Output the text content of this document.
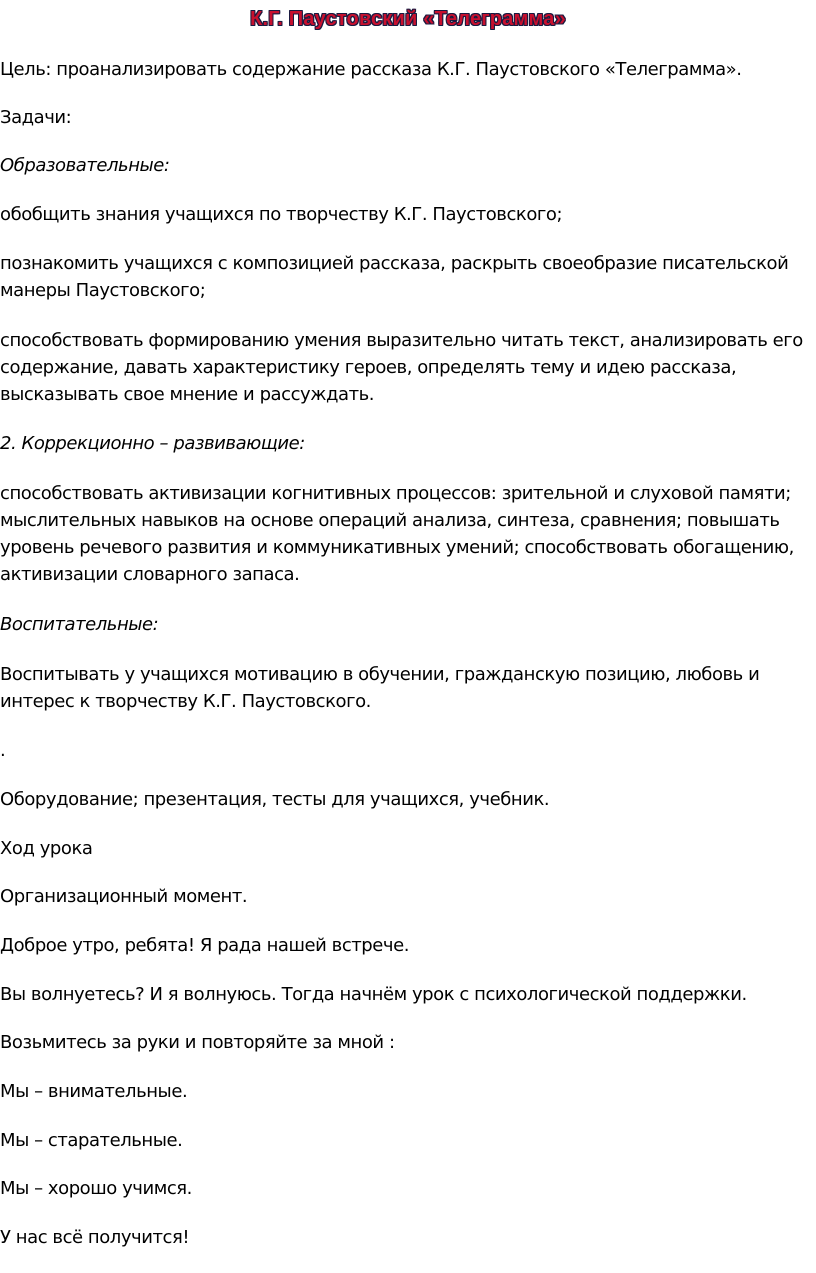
К.Г. Паустовский «Телеграмма»

Цель: проанализировать содержание рассказа К.Г. Паустовского «Телеграмма».

Задачи:

Образовательные:

обобщить знания учащихся по творчеству К.Г. Паустовского;

познакомить учащихся с композицией рассказа, раскрыть своеобразие писательской манеры Паустовского;

способствовать формированию умения выразительно читать текст, анализировать его содержание, давать характеристику героев, определять тему и идею рассказа, высказывать свое мнение и рассуждать.

2. Коррекционно – развивающие:

способствовать активизации когнитивных процессов: зрительной и слуховой памяти; мыслительных навыков на основе операций анализа, синтеза, сравнения; повышать уровень речевого развития и коммуникативных умений; способствовать обогащению, активизации словарного запаса.

Воспитательные:

Воспитывать у учащихся мотивацию в обучении, гражданскую позицию, любовь и интерес к творчеству К.Г. Паустовского.

.

Оборудование; презентация, тесты для учащихся, учебник.

Ход урока

Организационный момент.

Доброе утро, ребята! Я рада нашей встрече.

Вы волнуетесь? И я волнуюсь. Тогда начнём урок с психологической поддержки.

Возьмитесь за руки и повторяйте за мной :

Мы – внимательные.

Мы – старательные.

Мы – хорошо учимся.

У нас всё получится!
